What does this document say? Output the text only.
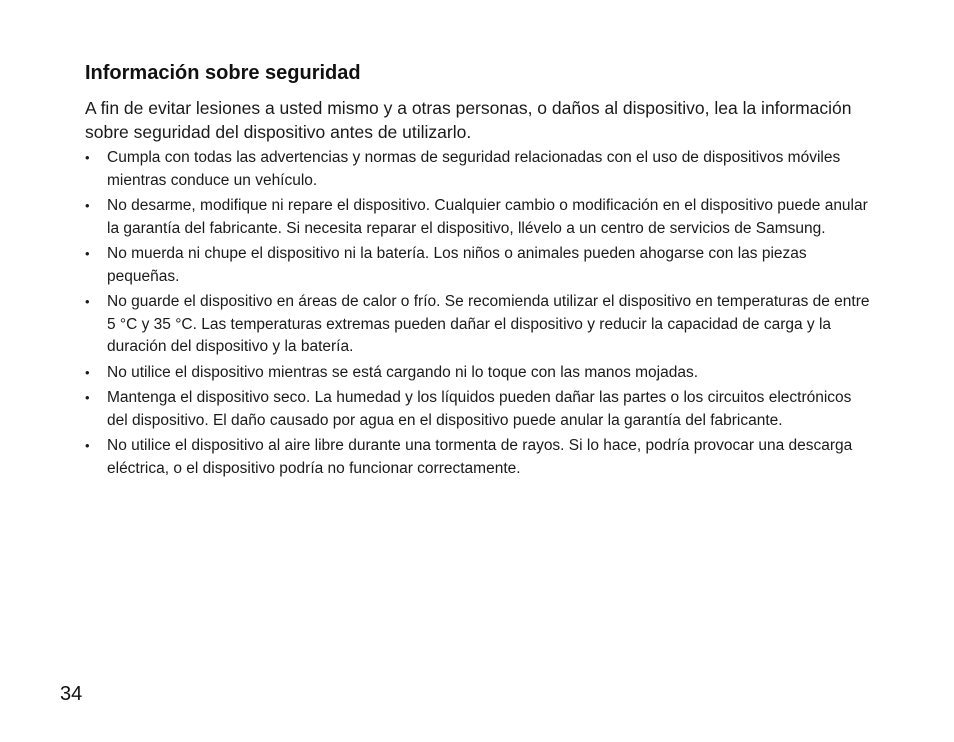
Información sobre seguridad

A fin de evitar lesiones a usted mismo y a otras personas, o daños al dispositivo, lea la información sobre seguridad del dispositivo antes de utilizarlo.

• Cumpla con todas las advertencias y normas de seguridad relacionadas con el uso de dispositivos móviles mientras conduce un vehículo.
• No desarme, modifique ni repare el dispositivo. Cualquier cambio o modificación en el dispositivo puede anular la garantía del fabricante. Si necesita reparar el dispositivo, llévelo a un centro de servicios de Samsung.
• No muerda ni chupe el dispositivo ni la batería. Los niños o animales pueden ahogarse con las piezas pequeñas.
• No guarde el dispositivo en áreas de calor o frío. Se recomienda utilizar el dispositivo en temperaturas de entre 5 °C y 35 °C. Las temperaturas extremas pueden dañar el dispositivo y reducir la capacidad de carga y la duración del dispositivo y la batería.
• No utilice el dispositivo mientras se está cargando ni lo toque con las manos mojadas.
• Mantenga el dispositivo seco. La humedad y los líquidos pueden dañar las partes o los circuitos electrónicos del dispositivo. El daño causado por agua en el dispositivo puede anular la garantía del fabricante.
• No utilice el dispositivo al aire libre durante una tormenta de rayos. Si lo hace, podría provocar una descarga eléctrica, o el dispositivo podría no funcionar correctamente.
34
